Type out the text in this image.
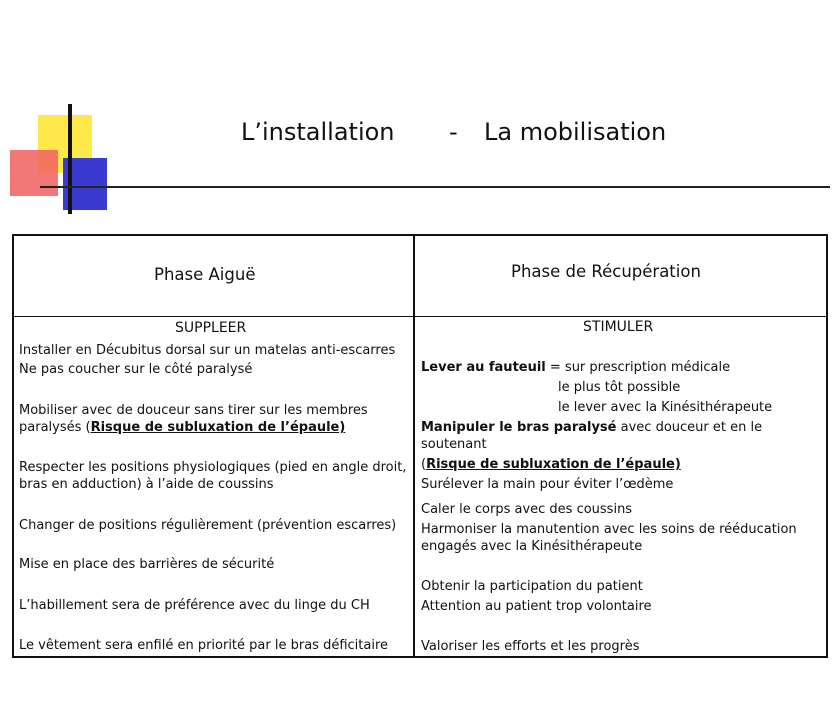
L’installation - La mobilisation
Phase Aiguë	Phase de Récupération
SUPPLEER	STIMULER
Installer en Décubitus dorsal sur un matelas anti-escarres
Ne pas coucher sur le côté paralysé
Mobiliser avec de douceur sans tirer sur les membres
paralysés (Risque de subluxation de l’épaule)
Respecter les positions physiologiques (pied en angle droit,
bras en adduction) à l’aide de coussins
Changer de positions régulièrement (prévention escarres)
Mise en place des barrières de sécurité
L’habillement sera de préférence avec du linge du CH
Le vêtement sera enfilé en priorité par le bras déficitaire
Lever au fauteuil = sur prescription médicale
le plus tôt possible
le lever avec la Kinésithérapeute
Manipuler le bras paralysé avec douceur et en le soutenant
(Risque de subluxation de l’épaule)
Surélever la main pour éviter l’œdème
Caler le corps avec des coussins
Harmoniser la manutention avec les soins de rééducation
engagés avec la Kinésithérapeute
Obtenir la participation du patient
Attention au patient trop volontaire
Valoriser les efforts et les progrès
